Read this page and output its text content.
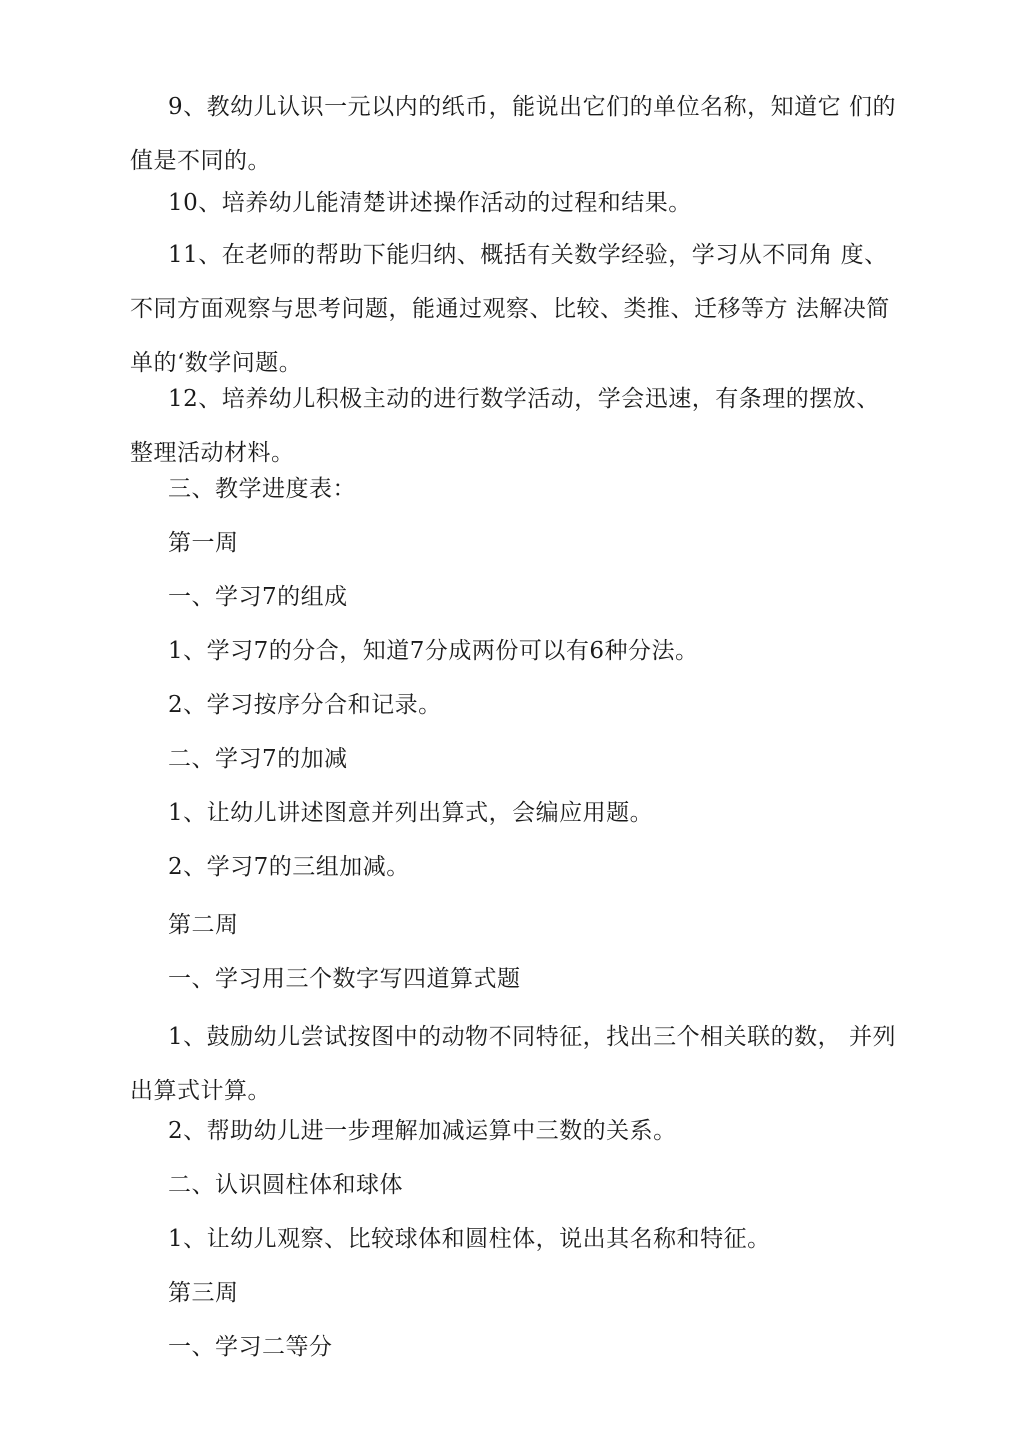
9、教幼儿认识一元以内的纸币，能说出它们的单位名称，知道它 们的值是不同的。

10、培养幼儿能清楚讲述操作活动的过程和结果。

11、在老师的帮助下能归纳、概括有关数学经验，学习从不同角 度、不同方面观察与思考问题，能通过观察、比较、类推、迁移等方 法解决简单的‘数学问题。

12、培养幼儿积极主动的进行数学活动，学会迅速，有条理的摆放、整理活动材料。

三、教学进度表：

第一周

一、学习7的组成

1、学习7的分合，知道7分成两份可以有6种分法。

2、学习按序分合和记录。

二、学习7的加减

1、让幼儿讲述图意并列出算式，会编应用题。

2、学习7的三组加减。

第二周

一、学习用三个数字写四道算式题

1、鼓励幼儿尝试按图中的动物不同特征，找出三个相关联的数， 并列出算式计算。

2、帮助幼儿进一步理解加减运算中三数的关系。

二、认识圆柱体和球体

1、让幼儿观察、比较球体和圆柱体，说出其名称和特征。

第三周

一、学习二等分
